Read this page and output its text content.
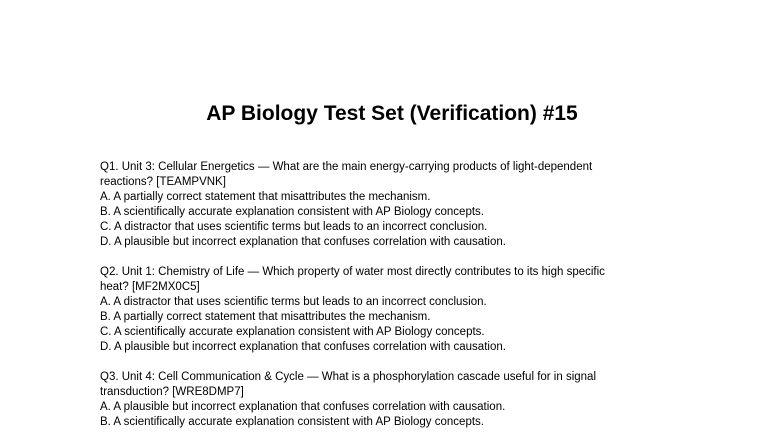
AP Biology Test Set (Verification) #15
Q1. Unit 3: Cellular Energetics — What are the main energy-carrying products of light-dependent
reactions? [TEAMPVNK]
A. A partially correct statement that misattributes the mechanism.
B. A scientifically accurate explanation consistent with AP Biology concepts.
C. A distractor that uses scientific terms but leads to an incorrect conclusion.
D. A plausible but incorrect explanation that confuses correlation with causation.
Q2. Unit 1: Chemistry of Life — Which property of water most directly contributes to its high specific
heat? [MF2MX0C5]
A. A distractor that uses scientific terms but leads to an incorrect conclusion.
B. A partially correct statement that misattributes the mechanism.
C. A scientifically accurate explanation consistent with AP Biology concepts.
D. A plausible but incorrect explanation that confuses correlation with causation.
Q3. Unit 4: Cell Communication & Cycle — What is a phosphorylation cascade useful for in signal
transduction? [WRE8DMP7]
A. A plausible but incorrect explanation that confuses correlation with causation.
B. A scientifically accurate explanation consistent with AP Biology concepts.
